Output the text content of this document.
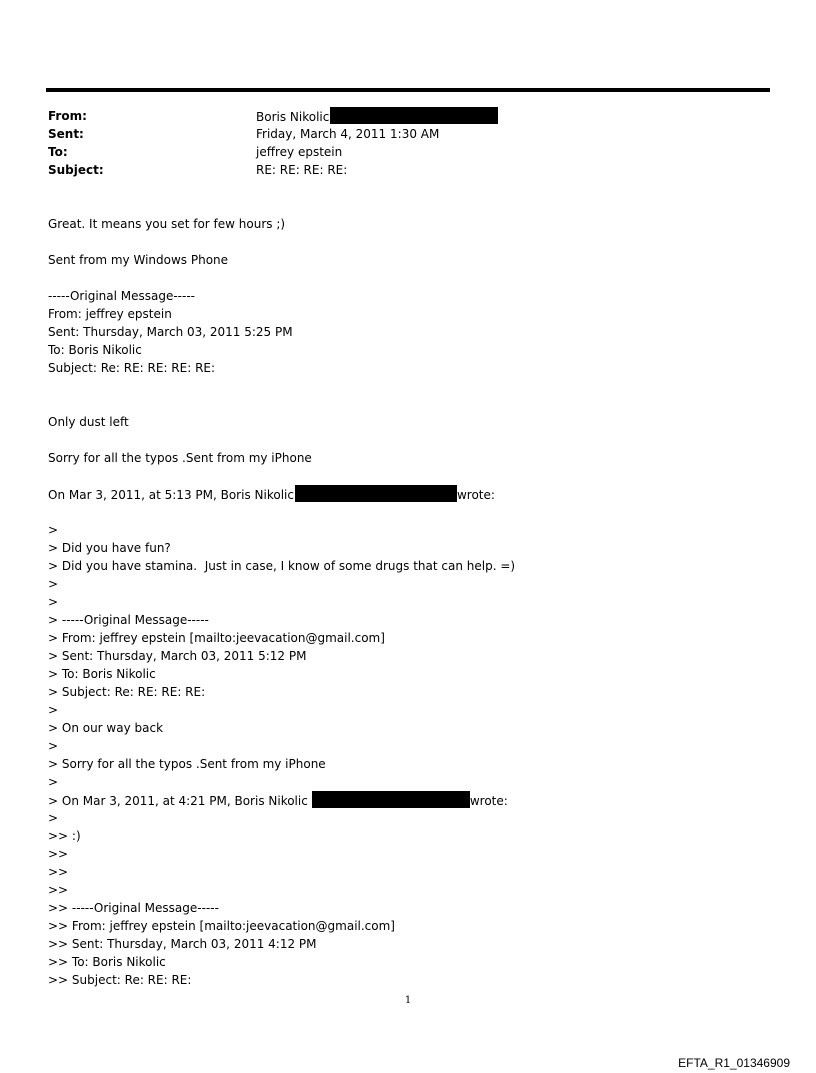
From:	Boris Nikolic
Sent:	Friday, March 4, 2011 1:30 AM
To:	jeffrey epstein
Subject:	RE: RE: RE: RE:
Great. It means you set for few hours ;)
Sent from my Windows Phone
-----Original Message-----
From: jeffrey epstein
Sent: Thursday, March 03, 2011 5:25 PM
To: Boris Nikolic
Subject: Re: RE: RE: RE: RE:
Only dust left
Sorry for all the typos .Sent from my iPhone
On Mar 3, 2011, at 5:13 PM, Boris Nikolic	wrote:
>
> Did you have fun?
> Did you have stamina.  Just in case, I know of some drugs that can help. =)
>
>
> -----Original Message-----
> From: jeffrey epstein [mailto:jeevacation@gmail.com]
> Sent: Thursday, March 03, 2011 5:12 PM
> To: Boris Nikolic
> Subject: Re: RE: RE: RE:
>
> On our way back
>
> Sorry for all the typos .Sent from my iPhone
>
> On Mar 3, 2011, at 4:21 PM, Boris Nikolic	wrote:
>
>> :)
>>
>>
>>
>> -----Original Message-----
>> From: jeffrey epstein [mailto:jeevacation@gmail.com]
>> Sent: Thursday, March 03, 2011 4:12 PM
>> To: Boris Nikolic
>> Subject: Re: RE: RE:
1
EFTA_R1_01346909
